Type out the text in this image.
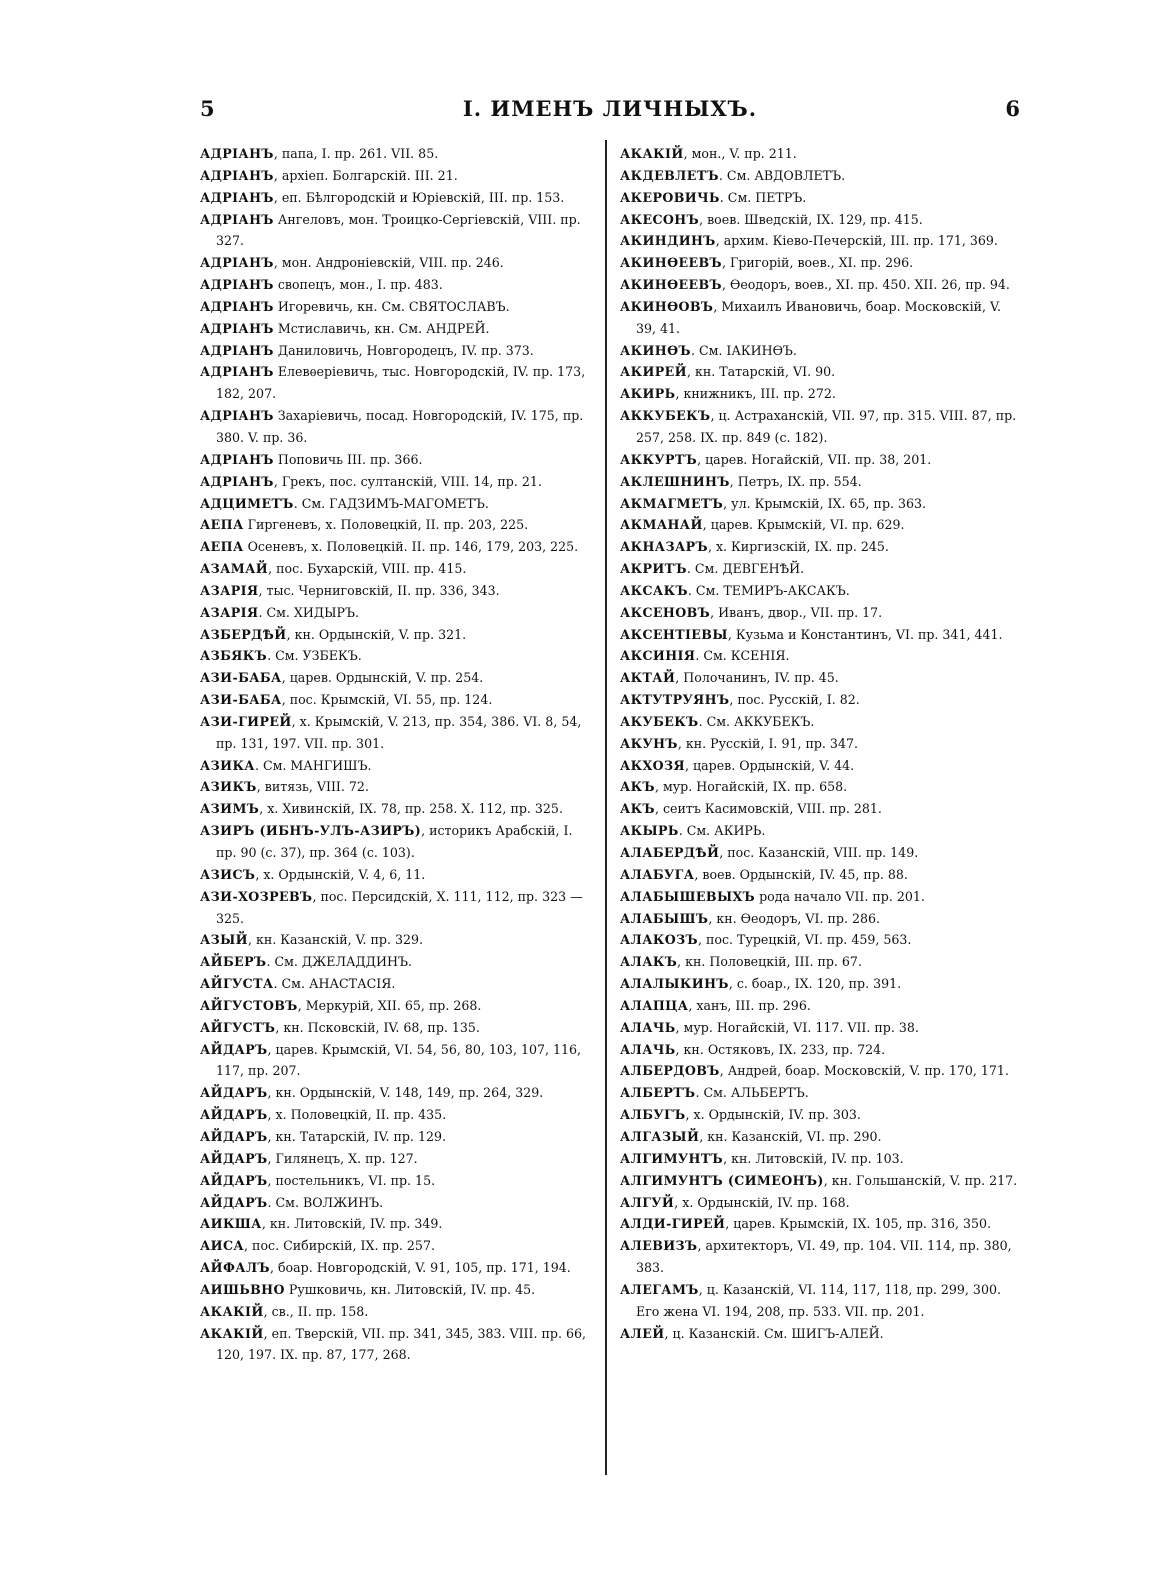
5	I. ИМЕНЪ ЛИЧНЫХЪ.	6

АДРІАНЪ, папа, I. пр. 261. VII. 85.

АДРІАНЪ, архіеп. Болгарскій. III. 21.

АДРІАНЪ, еп. Бѣлгородскій и Юріевскій, III. пр. 153.

АДРІАНЪ Ангеловъ, мон. Троицко-Сергіевскій, VIII. пр. 327.

АДРІАНЪ, мон. Андроніевскій, VIII. пр. 246.

АДРІАНЪ свопецъ, мон., I. пр. 483.

АДРІАНЪ Игоревичь, кн. См. СВЯТОСЛАВЪ.

АДРІАНЪ Мстиславичь, кн. См. АНДРЕЙ.

АДРІАНЪ Даниловичь, Новгородецъ, IV. пр. 373.

АДРІАНЪ Елевѳеріевичь, тыс. Новгородскій, IV. пр. 173, 182, 207.

АДРІАНЪ Захаріевичь, посад. Новгородскій, IV. 175, пр. 380. V. пр. 36.

АДРІАНЪ Поповичь III. пр. 366.

АДРІАНЪ, Грекъ, пос. султанскій, VIII. 14, пр. 21.

АДЦИМЕТЪ. См. ГАДЗИМЪ-МАГОМЕТЪ.

АЕПА Гиргеневъ, х. Половецкій, II. пр. 203, 225.

АЕПА Осеневъ, х. Половецкій. II. пр. 146, 179, 203, 225.

АЗАМАЙ, пос. Бухарскій, VIII. пр. 415.

АЗАРІЯ, тыс. Черниговскій, II. пр. 336, 343.

АЗАРІЯ. См. ХИДЫРЪ.

АЗБЕРДѢЙ, кн. Ордынскій, V. пр. 321.

АЗБЯКЪ. См. УЗБЕКЪ.

АЗИ-БАБА, царев. Ордынскій, V. пр. 254.

АЗИ-БАБА, пос. Крымскій, VI. 55, пр. 124.

АЗИ-ГИРЕЙ, х. Крымскій, V. 213, пр. 354, 386. VI. 8, 54, пр. 131, 197. VII. пр. 301.

АЗИКА. См. МАНГИШЪ.

АЗИКЪ, витязь, VIII. 72.

АЗИМЪ, х. Хивинскій, IX. 78, пр. 258. X. 112, пр. 325.

АЗИРЪ (ИБНЪ-УЛЪ-АЗИРЪ), историкъ Арабскій, I. пр. 90 (с. 37), пр. 364 (с. 103).

АЗИСЪ, х. Ордынскій, V. 4, 6, 11.

АЗИ-ХОЗРЕВЪ, пос. Персидскій, X. 111, 112, пр. 323 — 325.

АЗЫЙ, кн. Казанскій, V. пр. 329.

АЙБЕРЪ. См. ДЖЕЛАДДИНЪ.

АЙГУСТА. См. АНАСТАСІЯ.

АЙГУСТОВЪ, Меркурій, XII. 65, пр. 268.

АЙГУСТЪ, кн. Псковскій, IV. 68, пр. 135.

АЙДАРЪ, царев. Крымскій, VI. 54, 56, 80, 103, 107, 116, 117, пр. 207.

АЙДАРЪ, кн. Ордынскій, V. 148, 149, пр. 264, 329.

АЙДАРЪ, х. Половецкій, II. пр. 435.

АЙДАРЪ, кн. Татарскій, IV. пр. 129.

АЙДАРЪ, Гилянецъ, X. пр. 127.

АЙДАРЪ, постельникъ, VI. пр. 15.

АЙДАРЪ. См. ВОЛЖИНЪ.

АИКША, кн. Литовскій, IV. пр. 349.

АИСА, пос. Сибирскій, IX. пр. 257.

АЙФАЛЪ, боар. Новгородскій, V. 91, 105, пр. 171, 194.

АИШЬВНО Рушковичь, кн. Литовскій, IV. пр. 45.

АКАКІЙ, св., II. пр. 158.

АКАКІЙ, еп. Тверскій, VII. пр. 341, 345, 383. VIII. пр. 66, 120, 197. IX. пр. 87, 177, 268.

АКАКІЙ, мон., V. пр. 211.

АКДЕВЛЕТЪ. См. АВДОВЛЕТЪ.

АКЕРОВИЧЬ. См. ПЕТРЪ.

АКЕСОНЪ, воев. Шведскій, IX. 129, пр. 415.

АКИНДИНЪ, архим. Кіево-Печерскій, III. пр. 171, 369.

АКИНѲЕЕВЪ, Григорій, воев., XI. пр. 296.

АКИНѲЕЕВЪ, Ѳеодоръ, воев., XI. пр. 450. XII. 26, пр. 94.

АКИНѲОВЪ, Михаилъ Ивановичь, боар. Московскій, V. 39, 41.

АКИНѲЪ. См. ІАКИНѲЪ.

АКИРЕЙ, кн. Татарскій, VI. 90.

АКИРЬ, книжникъ, III. пр. 272.

АККУБЕКЪ, ц. Астраханскій, VII. 97, пр. 315. VIII. 87, пр. 257, 258. IX. пр. 849 (с. 182).

АККУРТЪ, царев. Ногайскій, VII. пр. 38, 201.

АКЛЕШНИНЪ, Петръ, IX. пр. 554.

АКМАГМЕТЪ, ул. Крымскій, IX. 65, пр. 363.

АКМАНАЙ, царев. Крымскій, VI. пр. 629.

АКНАЗАРЪ, х. Киргизскій, IX. пр. 245.

АКРИТЪ. См. ДЕВГЕНѢЙ.

АКСАКЪ. См. ТЕМИРЪ-АКСАКЪ.

АКСЕНОВЪ, Иванъ, двор., VII. пр. 17.

АКСЕНТІЕВЫ, Кузьма и Константинъ, VI. пр. 341, 441.

АКСИНІЯ. См. КСЕНІЯ.

АКТАЙ, Полочанинъ, IV. пр. 45.

АКТУТРУЯНЪ, пос. Русскій, I. 82.

АКУБЕКЪ. См. АККУБЕКЪ.

АКУНЪ, кн. Русскій, I. 91, пр. 347.

АКХОЗЯ, царев. Ордынскій, V. 44.

АКЪ, мур. Ногайскій, IX. пр. 658.

АКЪ, сеитъ Касимовскій, VIII. пр. 281.

АКЫРЬ. См. АКИРЬ.

АЛАБЕРДѢЙ, пос. Казанскій, VIII. пр. 149.

АЛАБУГА, воев. Ордынскій, IV. 45, пр. 88.

АЛАБЫШЕВЫХЪ рода начало VII. пр. 201.

АЛАБЫШЪ, кн. Ѳеодоръ, VI. пр. 286.

АЛАКОЗЪ, пос. Турецкій, VI. пр. 459, 563.

АЛАКЪ, кн. Половецкій, III. пр. 67.

АЛАЛЫКИНЪ, с. боар., IX. 120, пр. 391.

АЛАПЦА, ханъ, III. пр. 296.

АЛАЧЬ, мур. Ногайскій, VI. 117. VII. пр. 38.

АЛАЧЬ, кн. Остяковъ, IX. 233, пр. 724.

АЛБЕРДОВЪ, Андрей, боар. Московскій, V. пр. 170, 171.

АЛБЕРТЪ. См. АЛЬБЕРТЪ.

АЛБУГЪ, х. Ордынскій, IV. пр. 303.

АЛГАЗЫЙ, кн. Казанскій, VI. пр. 290.

АЛГИМУНТЪ, кн. Литовскій, IV. пр. 103.

АЛГИМУНТЪ (СИМЕОНЪ), кн. Гольшанскій, V. пр. 217.

АЛГУЙ, х. Ордынскій, IV. пр. 168.

АЛДИ-ГИРЕЙ, царев. Крымскій, IX. 105, пр. 316, 350.

АЛЕВИЗЪ, архитекторъ, VI. 49, пр. 104. VII. 114, пр. 380, 383.

АЛЕГАМЪ, ц. Казанскій, VI. 114, 117, 118, пр. 299, 300. Его жена VI. 194, 208, пр. 533. VII. пр. 201.

АЛЕЙ, ц. Казанскій. См. ШИГЪ-АЛЕЙ.
